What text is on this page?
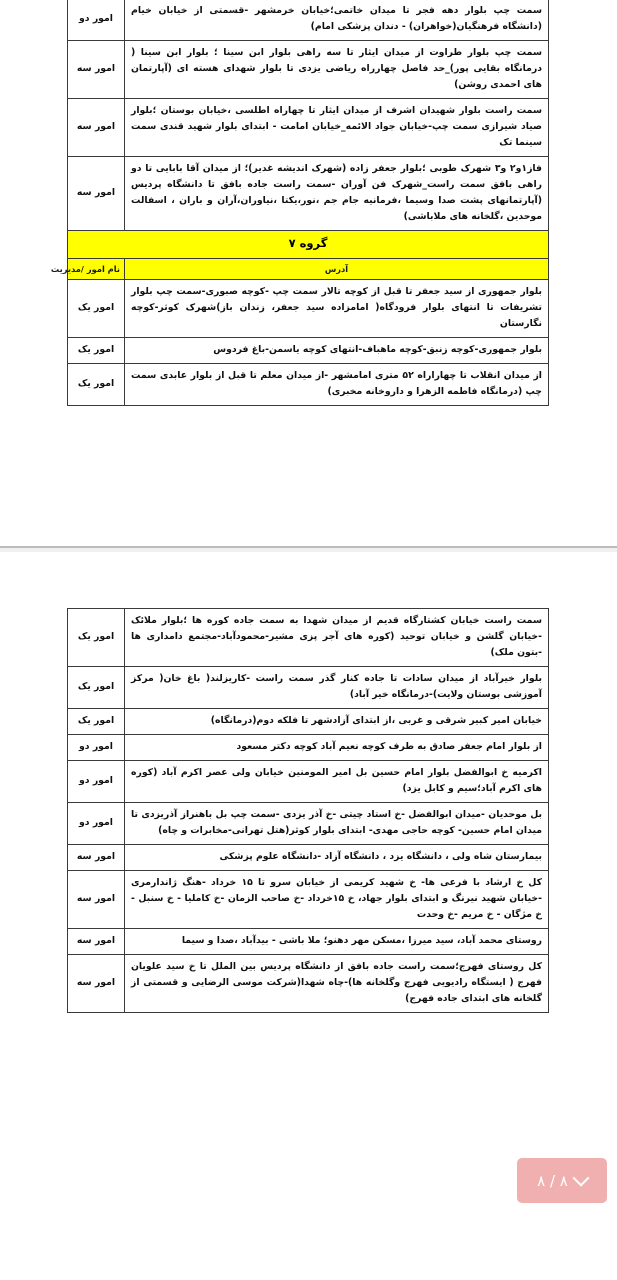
سمت چپ بلوار دهه فجر تا میدان خاتمی؛خیابان خرمشهر -قسمتی از خیابان خیام (دانشگاه فرهنگیان(خواهران) - دندان پزشکی امام)	امور دو
سمت چپ بلوار طراوت از میدان ایثار تا سه راهی بلوار ابن سینا ؛ بلوار ابن سینا ( درمانگاه بقایی پور)_حد فاصل چهارراه ریاضی یزدی تا بلوار شهدای هسته ای (آپارتمان های احمدی روشن)	امور سه
سمت راست بلوار شهیدان اشرف از میدان ایثار تا چهاراه اطلسی ،خیابان بوستان ؛بلوار صیاد شیرازی سمت چپ-خیابان جواد الائمه_خیابان امامت - ابتدای بلوار شهید قندی سمت سینما تک	امور سه
فاز۱و۲ و۳ شهرک طوبی ؛بلوار جعفر زاده (شهرک اندیشه غدیر)؛ از میدان آقا بابایی تا دو راهی بافق سمت راست_شهرک فن آوران -سمت راست جاده بافق تا دانشگاه پردیس (آپارتمانهای پشت صدا وسیما ،فرمانیه جام جم ،نور،یکتا ،نیاوران،آران و باران ، اسفالت موحدین ،گلخانه های ملاباشی)	امور سه
گروه ۷	
آدرس	نام امور /مدیریت
بلوار جمهوری از سید جعفر تا قبل از کوچه تالار سمت چپ -کوچه صبوری-سمت چپ بلوار تشریفات تا انتهای بلوار فرودگاه( امامزاده سید جعفر، زندان باز)شهرک کوثر-کوچه نگارستان	امور یک
بلوار جمهوری-کوچه زنبق-کوچه ماهباف-انتهای کوچه یاسمن-باغ فردوس	امور یک
از میدان انقلاب تا چهاراراه ۵۲ متری امامشهر -از میدان معلم تا قبل از بلوار عابدی سمت چپ (درمانگاه فاطمه الزهرا و داروخانه مخبری)	امور یک
سمت راست خیابان کشتارگاه قدیم از میدان شهدا به سمت جاده کوره ها ؛بلوار ملائک -خیابان گلشن و خیابان توحید (کوره های آجر پزی مشیر-محمودآباد-مجتمع دامداری ها -بتون ملک)	امور یک
بلوار خیرآباد از میدان سادات تا جاده کنار گذر سمت راست -کاریزلند( باغ خان( مرکز آموزشی بوستان ولایت)-درمانگاه خیر آباد)	امور یک
خیابان امیر کبیر شرقی و غربی ،از ابتدای آزادشهر تا فلکه دوم(درمانگاه)	امور یک
از بلوار امام جعفر صادق به طرف کوچه نعیم آباد کوچه دکتر مسعود	امور دو
اکرمیه خ ابوالفضل بلوار امام حسین بل امیر المومنین خیابان ولی عصر اکرم آباد (کوره های اکرم آباد؛سیم و کابل یزد)	امور دو
بل موحدیان -میدان ابوالفضل -خ استاد چیتی -خ آذر یزدی -سمت چپ بل باهنراز آذریزدی تا میدان امام حسین- کوچه حاجی مهدی- ابتدای بلوار کوثر(هتل تهرانی-مخابرات و چاه)	امور دو
بیمارستان شاه ولی ، دانشگاه یزد ، دانشگاه آزاد -دانشگاه علوم پزشکی	امور سه
کل خ ارشاد با فرعی ها- خ شهید کریمی از خیابان سرو تا ۱۵ خرداد -هنگ ژاندارمری -خیابان شهید نیرنگ و ابتدای بلوار جهاد، خ ۱۵خرداد -خ صاحب الزمان -خ کاملیا - خ سنبل - خ مژگان - خ مریم -خ وحدت	امور سه
روستای محمد آباد، سید میرزا ،مسکن مهر دهنو؛ ملا باشی - بیدآباد ،صدا و سیما	امور سه
کل روستای فهرج؛سمت راست جاده بافق از دانشگاه پردیس بین الملل تا خ سید علویان فهرج ( ایستگاه رادیویی فهرج وگلخانه ها)-چاه شهدا(شرکت موسی الرضایی و قسمتی از گلخانه های ابتدای جاده فهرج)	امور سه
۸ / ۸
